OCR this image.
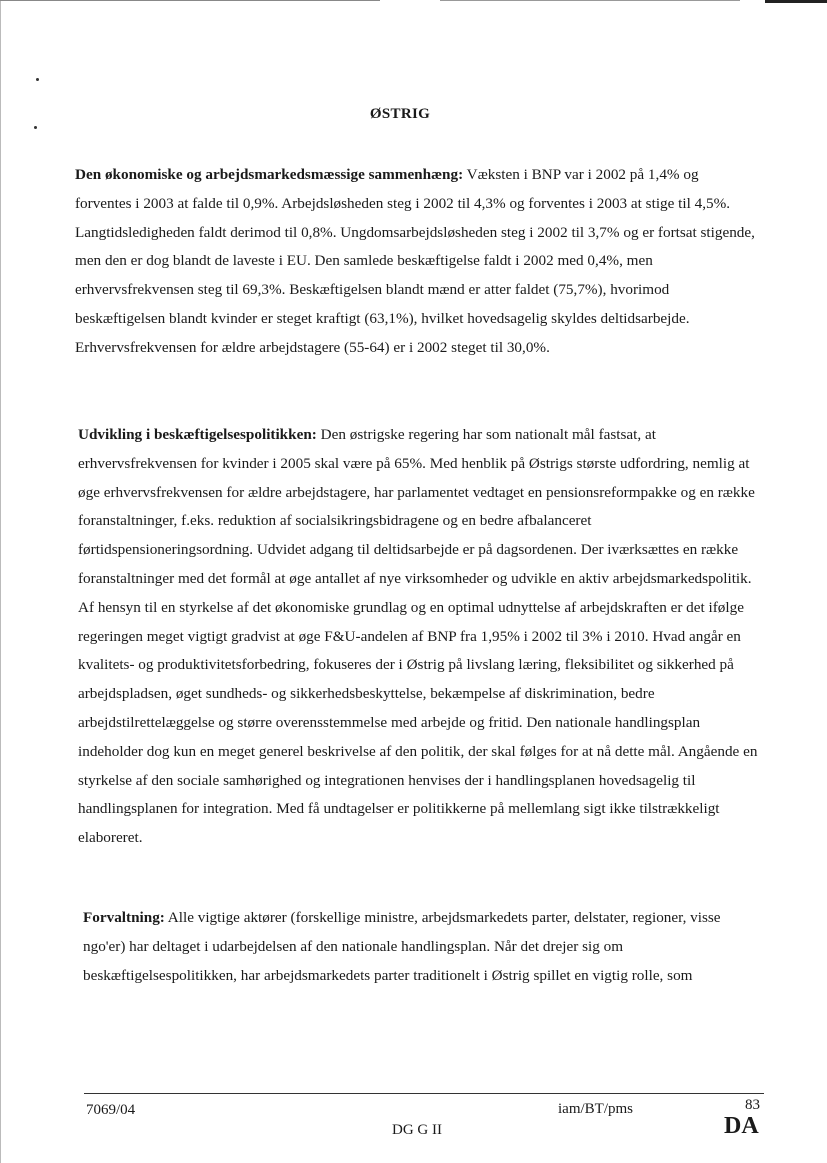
ØSTRIG

Den økonomiske og arbejdsmarkedsmæssige sammenhæng: Væksten i BNP var i 2002 på 1,4% og forventes i 2003 at falde til 0,9%. Arbejdsløsheden steg i 2002 til 4,3% og forventes i 2003 at stige til 4,5%. Langtidsledigheden faldt derimod til 0,8%. Ungdomsarbejdsløsheden steg i 2002 til 3,7% og er fortsat stigende, men den er dog blandt de laveste i EU. Den samlede beskæftigelse faldt i 2002 med 0,4%, men erhvervsfrekvensen steg til 69,3%. Beskæftigelsen blandt mænd er atter faldet (75,7%), hvorimod beskæftigelsen blandt kvinder er steget kraftigt (63,1%), hvilket hovedsagelig skyldes deltidsarbejde. Erhvervsfrekvensen for ældre arbejdstagere (55-64) er i 2002 steget til 30,0%.

Udvikling i beskæftigelsespolitikken: Den østrigske regering har som nationalt mål fastsat, at erhvervsfrekvensen for kvinder i 2005 skal være på 65%. Med henblik på Østrigs største udfordring, nemlig at øge erhvervsfrekvensen for ældre arbejdstagere, har parlamentet vedtaget en pensionsreformpakke og en række foranstaltninger, f.eks. reduktion af socialsikringsbidragene og en bedre afbalanceret førtidspensioneringsordning. Udvidet adgang til deltidsarbejde er på dagsordenen. Der iværksættes en række foranstaltninger med det formål at øge antallet af nye virksomheder og udvikle en aktiv arbejdsmarkedspolitik. Af hensyn til en styrkelse af det økonomiske grundlag og en optimal udnyttelse af arbejdskraften er det ifølge regeringen meget vigtigt gradvist at øge F&U-andelen af BNP fra 1,95% i 2002 til 3% i 2010. Hvad angår en kvalitets- og produktivitetsforbedring, fokuseres der i Østrig på livslang læring, fleksibilitet og sikkerhed på arbejdspladsen, øget sundheds- og sikkerhedsbeskyttelse, bekæmpelse af diskrimination, bedre arbejdstilrettelæggelse og større overensstemmelse med arbejde og fritid. Den nationale handlingsplan indeholder dog kun en meget generel beskrivelse af den politik, der skal følges for at nå dette mål. Angående en styrkelse af den sociale samhørighed og integrationen henvises der i handlingsplanen hovedsagelig til handlingsplanen for integration. Med få undtagelser er politikkerne på mellemlang sigt ikke tilstrækkeligt elaboreret.

Forvaltning: Alle vigtige aktører (forskellige ministre, arbejdsmarkedets parter, delstater, regioner, visse ngo'er) har deltaget i udarbejdelsen af den nationale handlingsplan. Når det drejer sig om beskæftigelsespolitikken, har arbejdsmarkedets parter traditionelt i Østrig spillet en vigtig rolle, som

7069/04	iam/BT/pms	83
DG G II	DA
